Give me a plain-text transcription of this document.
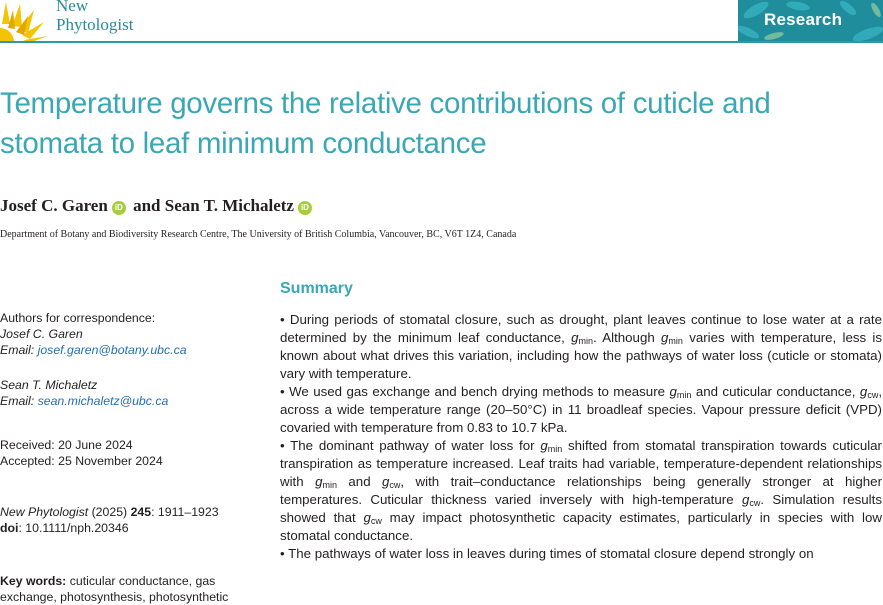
New
Phytologist	Research
Temperature governs the relative contributions of cuticle and stomata to leaf minimum conductance
Josef C. Garen iD and Sean T. Michaletz iD
Department of Botany and Biodiversity Research Centre, The University of British Columbia, Vancouver, BC, V6T 1Z4, Canada
Authors for correspondence:
Josef C. Garen
Email: josef.garen@botany.ubc.ca
Sean T. Michaletz
Email: sean.michaletz@ubc.ca
Received: 20 June 2024
Accepted: 25 November 2024
New Phytologist (2025) 245: 1911–1923
doi: 10.1111/nph.20346
Key words: cuticular conductance, gas
exchange, photosynthesis, photosynthetic
Summary

• During periods of stomatal closure, such as drought, plant leaves continue to lose water at a rate determined by the minimum leaf conductance, $g_{min}$. Although $g_{min}$ varies with temperature, less is known about what drives this variation, including how the pathways of water loss (cuticle or stomata) vary with temperature.

• We used gas exchange and bench drying methods to measure $g_{min}$ and cuticular conductance, $g_{cw}$, across a wide temperature range (20–50°C) in 11 broadleaf species. Vapour pressure deficit (VPD) covaried with temperature from 0.83 to 10.7 kPa.

• The dominant pathway of water loss for $g_{min}$ shifted from stomatal transpiration towards cuticular transpiration as temperature increased. Leaf traits had variable, temperature-dependent relationships with $g_{min}$ and $g_{cw}$, with trait–conductance relationships being generally stronger at higher temperatures. Cuticular thickness varied inversely with high-temperature $g_{cw}$. Simulation results showed that $g_{cw}$ may impact photosynthetic capacity estimates, particularly in species with low stomatal conductance.

• The pathways of water loss in leaves during times of stomatal closure depend strongly on
